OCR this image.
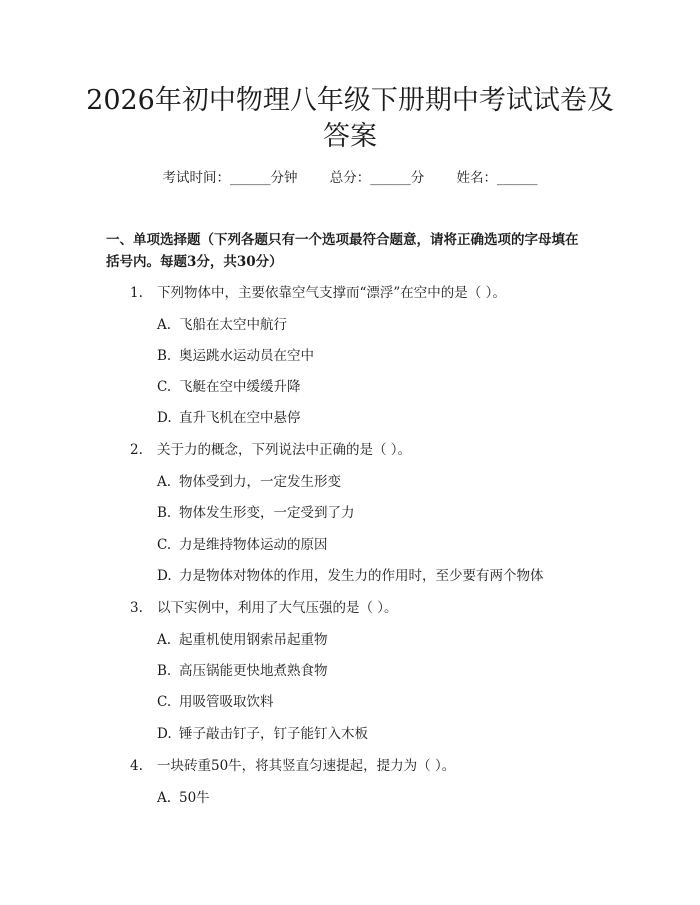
2026年初中物理八年级下册期中考试试卷及
答案
考试时间：______分钟 总分：______分 姓名：______

一、单项选择题（下列各题只有一个选项最符合题意，请将正确选项的字母填在

括号内。每题3分，共30分）

1. 下列物体中，主要依靠空气支撑而“漂浮”在空中的是（ ）。
A. 飞船在太空中航行
B. 奥运跳水运动员在空中
C. 飞艇在空中缓缓升降
D. 直升飞机在空中悬停
2. 关于力的概念，下列说法中正确的是（ ）。
A. 物体受到力，一定发生形变
B. 物体发生形变，一定受到了力
C. 力是维持物体运动的原因
D. 力是物体对物体的作用，发生力的作用时，至少要有两个物体
3. 以下实例中，利用了大气压强的是（ ）。
A. 起重机使用钢索吊起重物
B. 高压锅能更快地煮熟食物
C. 用吸管吸取饮料
D. 锤子敲击钉子，钉子能钉入木板
4. 一块砖重50牛，将其竖直匀速提起，提力为（ ）。
A. 50牛
